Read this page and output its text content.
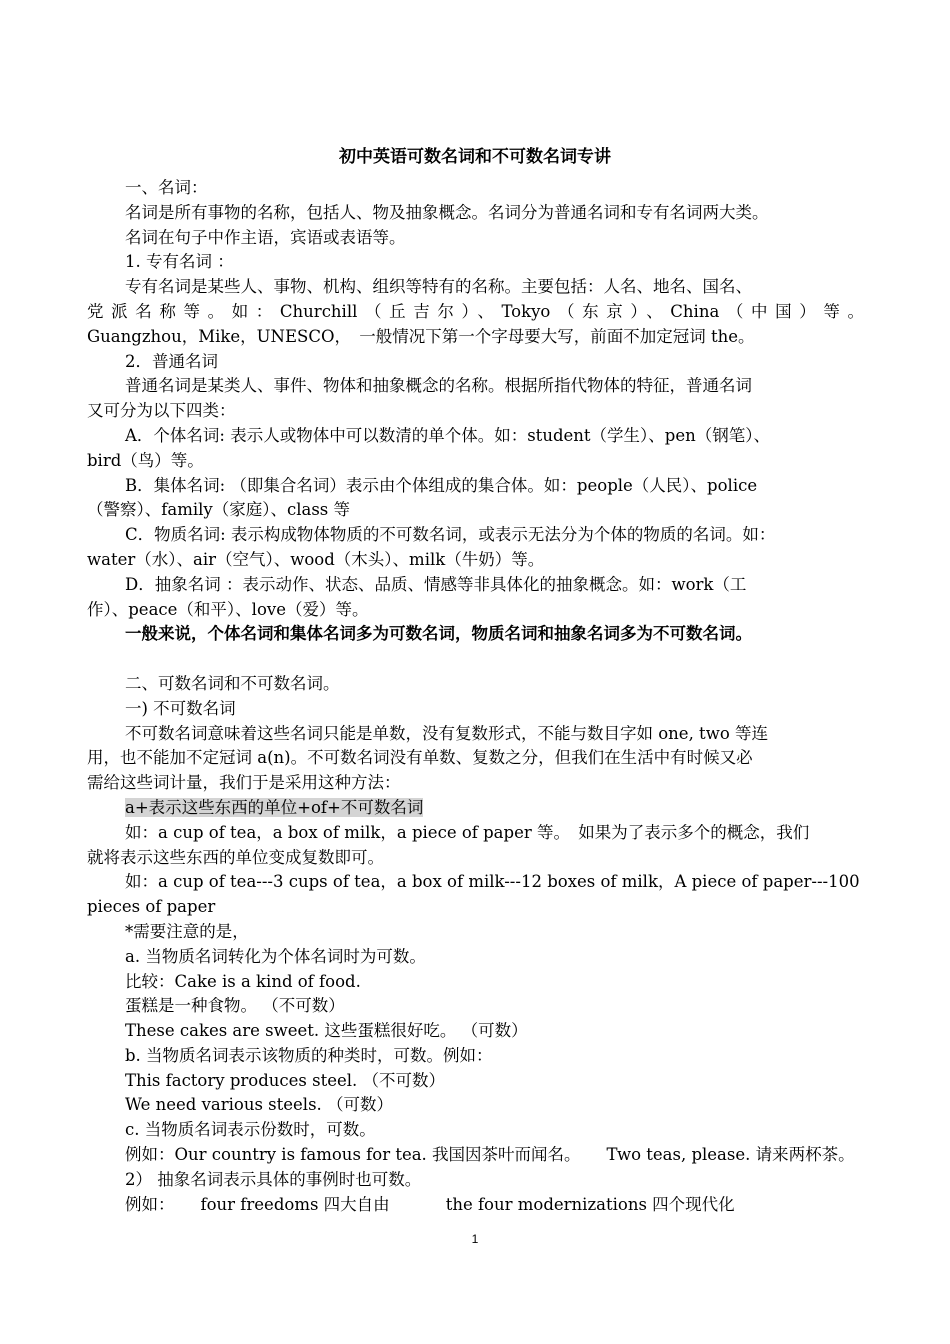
初中英语可数名词和不可数名词专讲

一、名词：

名词是所有事物的名称，包括人、物及抽象概念。名词分为普通名词和专有名词两大类。

名词在句子中作主语，宾语或表语等。

1. 专有名词 ：

专有名词是某些人、事物、机构、组织等特有的名称。主要包括：人名、地名、国名、

党派名称等。如：Churchill（丘吉尔）、Tokyo（东京）、China（中国）等。

Guangzhou，Mike，UNESCO，　一般情况下第一个字母要大写，前面不加定冠词 the。

2．普通名词

普通名词是某类人、事件、物体和抽象概念的名称。根据所指代物体的特征，普通名词

又可分为以下四类：

A．个体名词: 表示人或物体中可以数清的单个体。如：student（学生）、pen（钢笔）、

bird（鸟）等。

B．集体名词: （即集合名词）表示由个体组成的集合体。如：people（人民）、police

（警察）、family（家庭）、class 等

C．物质名词: 表示构成物体物质的不可数名词，或表示无法分为个体的物质的名词。如：

water（水）、air（空气）、wood（木头）、milk（牛奶）等。

D．抽象名词 ：表示动作、状态、品质、情感等非具体化的抽象概念。如：work（工

作）、peace（和平）、love（爱）等。

一般来说，个体名词和集体名词多为可数名词，物质名词和抽象名词多为不可数名词。

二、可数名词和不可数名词。

一) 不可数名词

不可数名词意味着这些名词只能是单数，没有复数形式，不能与数目字如 one, two 等连

用，也不能加不定冠词 a(n)。不可数名词没有单数、复数之分，但我们在生活中有时候又必

需给这些词计量，我们于是采用这种方法：

a+表示这些东西的单位+of+不可数名词

如：a cup of tea，a box of milk，a piece of paper 等。　如果为了表示多个的概念，我们

就将表示这些东西的单位变成复数即可。

如：a cup of tea---3 cups of tea，a box of milk---12 boxes of milk，A piece of paper---100

pieces of paper

*需要注意的是，

a. 当物质名词转化为个体名词时为可数。

比较：Cake is a kind of food.

蛋糕是一种食物。 （不可数）

These cakes are sweet. 这些蛋糕很好吃。 （可数）

b. 当物质名词表示该物质的种类时，可数。例如：

This factory produces steel. （不可数）

We need various steels. （可数）

c. 当物质名词表示份数时，可数。

例如：Our country is famous for tea. 我国因茶叶而闻名。 Two teas, please. 请来两杯茶。

2） 抽象名词表示具体的事例时也可数。

例如： four freedoms 四大自由	the four modernizations 四个现代化

1
